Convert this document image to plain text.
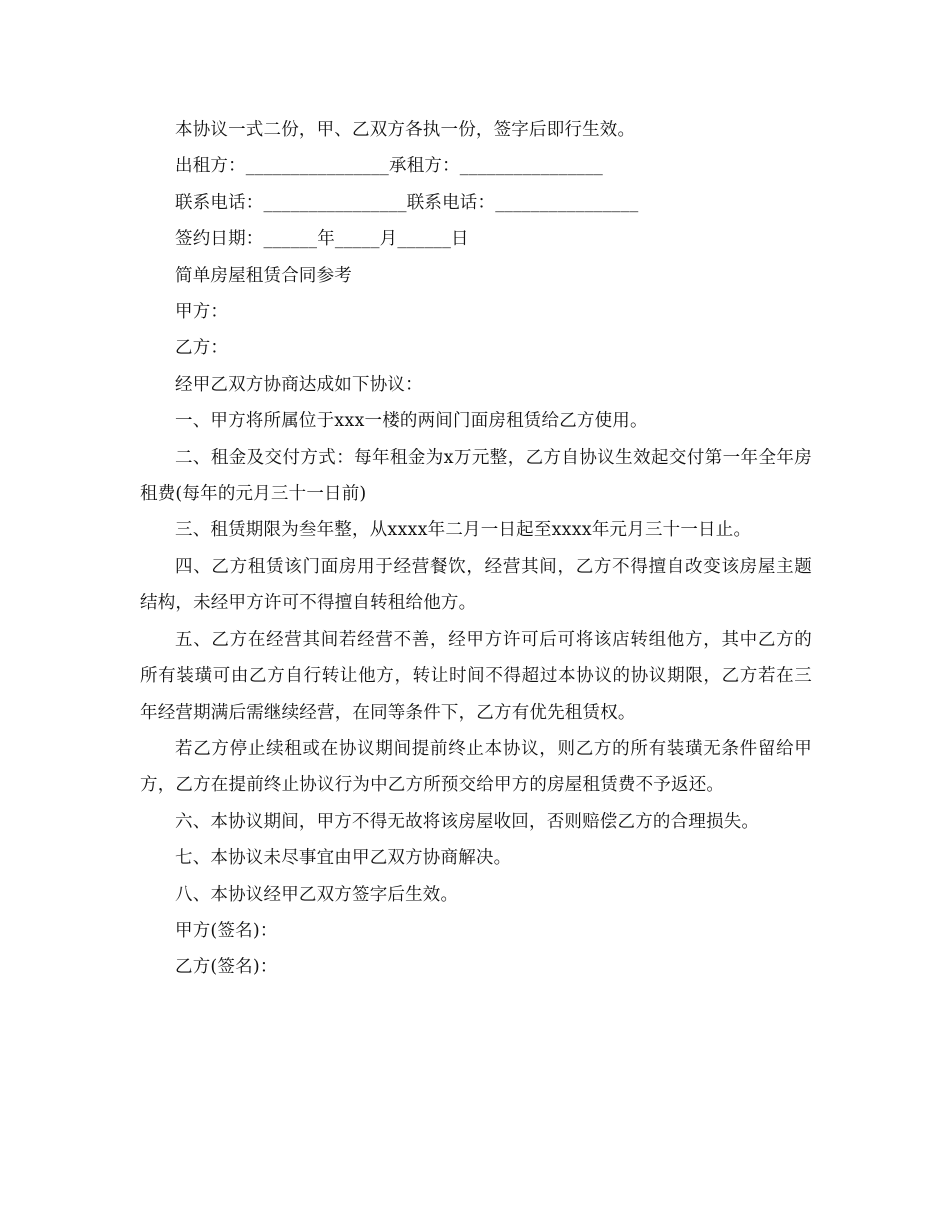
本协议一式二份，甲、乙双方各执一份，签字后即行生效。

出租方：________________承租方：________________

联系电话：________________联系电话：________________

签约日期：______年_____月______日

简单房屋租赁合同参考

甲方：

乙方：

经甲乙双方协商达成如下协议：

一、甲方将所属位于xxx一楼的两间门面房租赁给乙方使用。

二、租金及交付方式：每年租金为x万元整，乙方自协议生效起交付第一年全年房租费(每年的元月三十一日前)

三、租赁期限为叁年整，从xxxx年二月一日起至xxxx年元月三十一日止。

四、乙方租赁该门面房用于经营餐饮，经营其间，乙方不得擅自改变该房屋主题结构，未经甲方许可不得擅自转租给他方。

五、乙方在经营其间若经营不善，经甲方许可后可将该店转组他方，其中乙方的所有装璜可由乙方自行转让他方，转让时间不得超过本协议的协议期限，乙方若在三年经营期满后需继续经营，在同等条件下，乙方有优先租赁权。

若乙方停止续租或在协议期间提前终止本协议，则乙方的所有装璜无条件留给甲方，乙方在提前终止协议行为中乙方所预交给甲方的房屋租赁费不予返还。

六、本协议期间，甲方不得无故将该房屋收回，否则赔偿乙方的合理损失。

七、本协议未尽事宜由甲乙双方协商解决。

八、本协议经甲乙双方签字后生效。

甲方(签名)：

乙方(签名)：
